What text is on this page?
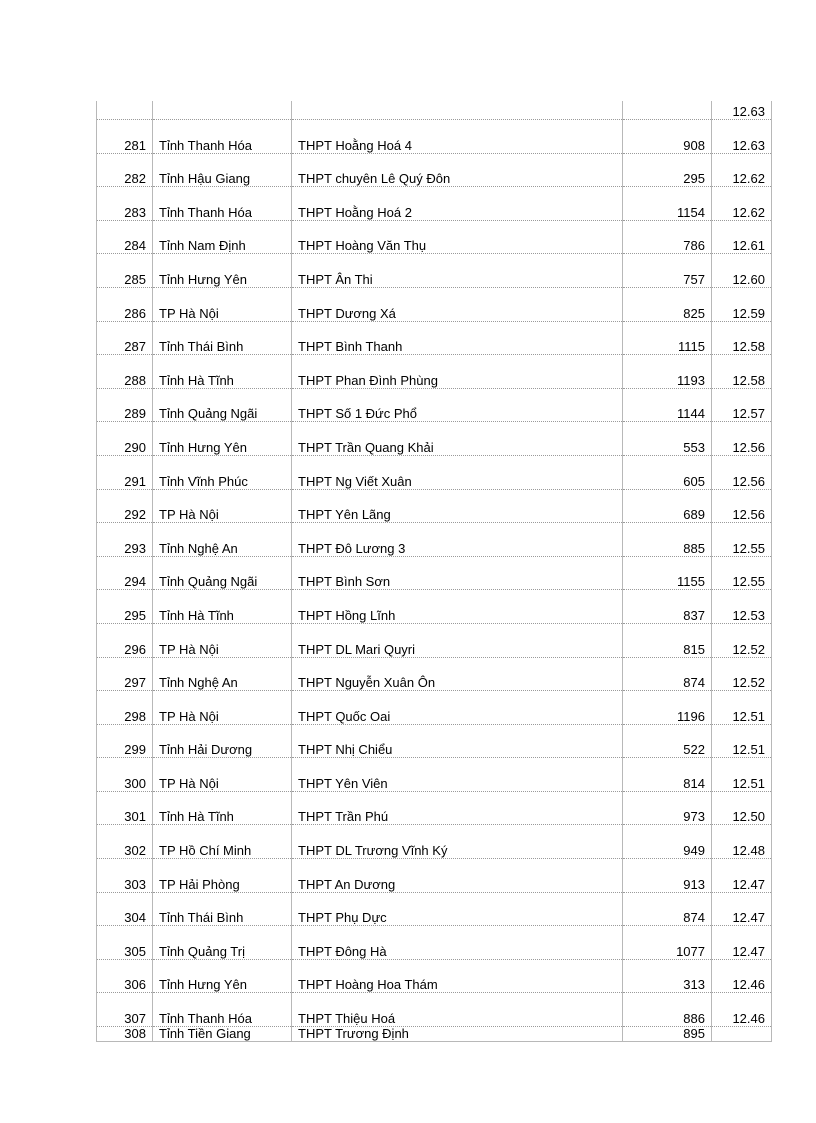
				12.63
281	Tỉnh Thanh Hóa	THPT Hoằng Hoá 4	908	12.63
282	Tỉnh Hậu Giang	THPT chuyên Lê Quý Đôn	295	12.62
283	Tỉnh Thanh Hóa	THPT Hoằng Hoá 2	1154	12.62
284	Tỉnh Nam Định	THPT Hoàng Văn Thụ	786	12.61
285	Tỉnh Hưng Yên	THPT Ân Thi	757	12.60
286	TP Hà Nội	THPT Dương Xá	825	12.59
287	Tỉnh Thái Bình	THPT Bình Thanh	1115	12.58
288	Tỉnh Hà Tĩnh	THPT Phan Đình Phùng	1193	12.58
289	Tỉnh Quảng Ngãi	THPT Số 1 Đức Phổ	1144	12.57
290	Tỉnh Hưng Yên	THPT Trần Quang Khải	553	12.56
291	Tỉnh Vĩnh Phúc	THPT Ng Viết Xuân	605	12.56
292	TP Hà Nội	THPT Yên Lãng	689	12.56
293	Tỉnh Nghệ An	THPT Đô Lương 3	885	12.55
294	Tỉnh Quảng Ngãi	THPT Bình Sơn	1155	12.55
295	Tỉnh Hà Tĩnh	THPT Hồng Lĩnh	837	12.53
296	TP Hà Nội	THPT DL Mari Quyri	815	12.52
297	Tỉnh Nghệ An	THPT Nguyễn Xuân Ôn	874	12.52
298	TP Hà Nội	THPT Quốc Oai	1196	12.51
299	Tỉnh Hải Dương	THPT Nhị Chiểu	522	12.51
300	TP Hà Nội	THPT Yên Viên	814	12.51
301	Tỉnh Hà Tĩnh	THPT Trần Phú	973	12.50
302	TP Hồ Chí Minh	THPT DL Trương Vĩnh Ký	949	12.48
303	TP Hải Phòng	THPT An Dương	913	12.47
304	Tỉnh Thái Bình	THPT Phụ Dực	874	12.47
305	Tỉnh Quảng Trị	THPT Đông Hà	1077	12.47
306	Tỉnh Hưng Yên	THPT Hoàng Hoa Thám	313	12.46
307	Tỉnh Thanh Hóa	THPT Thiệu Hoá	886	12.46
308	Tỉnh Tiền Giang	THPT Trương Định	895	
